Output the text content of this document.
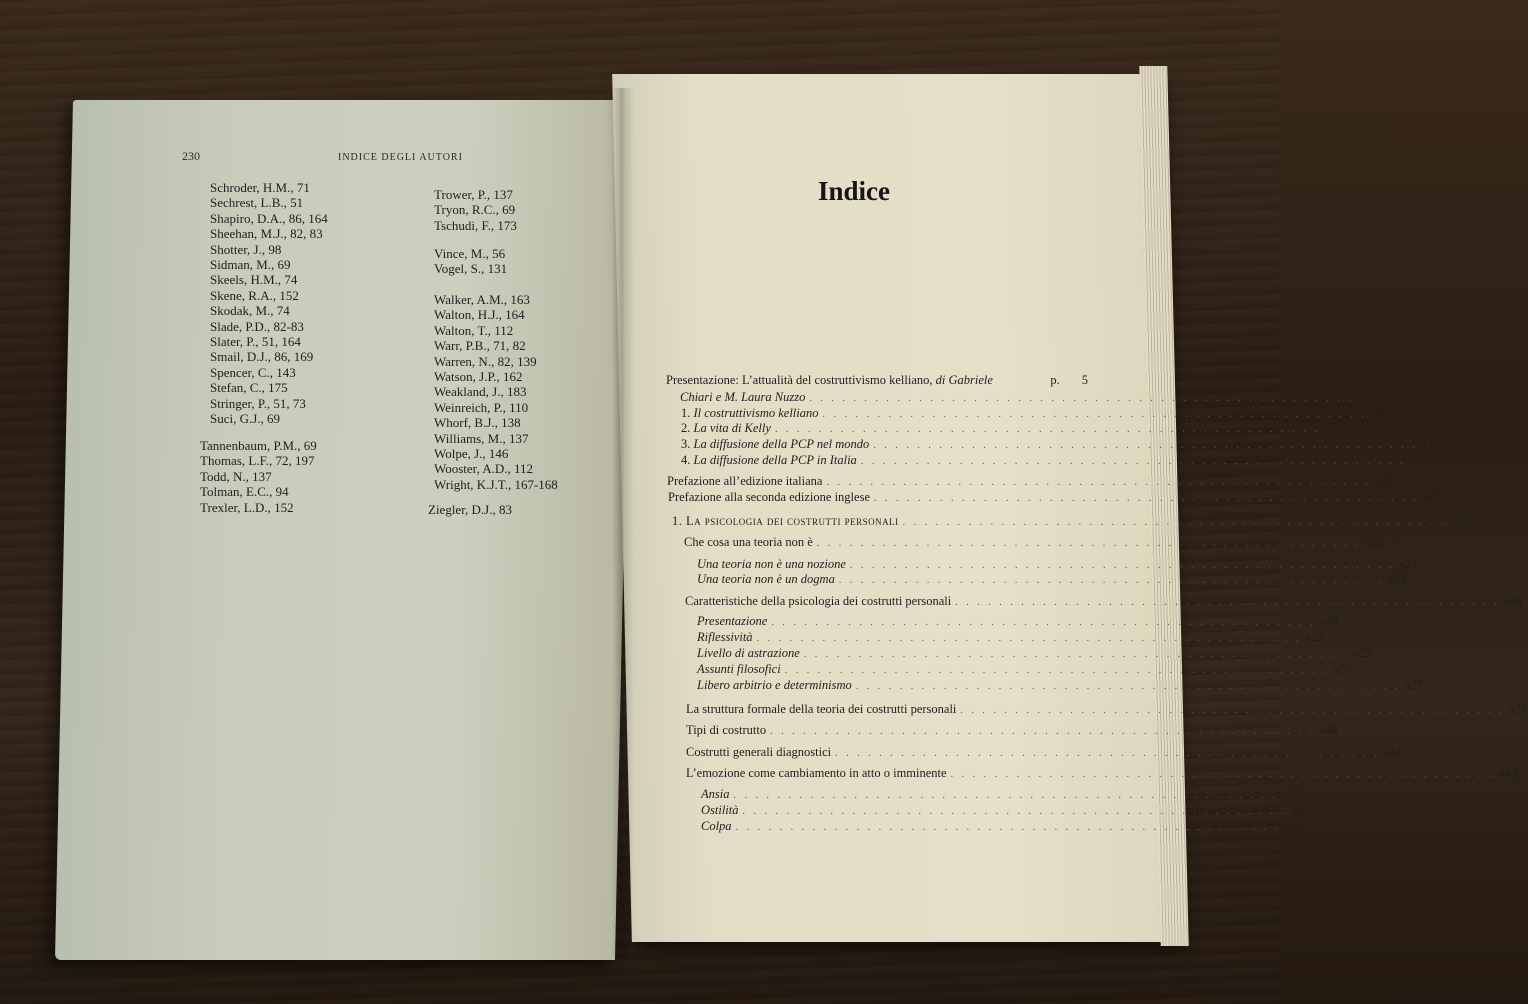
230	INDICE DEGLI AUTORI
Schroder, H.M., 71
Sechrest, L.B., 51
Shapiro, D.A., 86, 164
Sheehan, M.J., 82, 83
Shotter, J., 98
Sidman, M., 69
Skeels, H.M., 74
Skene, R.A., 152
Skodak, M., 74
Slade, P.D., 82-83
Slater, P., 51, 164
Smail, D.J., 86, 169
Spencer, C., 143
Stefan, C., 175
Stringer, P., 51, 73
Suci, G.J., 69
Tannenbaum, P.M., 69
Thomas, L.F., 72, 197
Todd, N., 137
Tolman, E.C., 94
Trexler, L.D., 152
Trower, P., 137
Tryon, R.C., 69
Tschudi, F., 173
Vince, M., 56
Vogel, S., 131
Walker, A.M., 163
Walton, H.J., 164
Walton, T., 112
Warr, P.B., 71, 82
Warren, N., 82, 139
Watson, J.P., 162
Weakland, J., 183
Weinreich, P., 110
Whorf, B.J., 138
Williams, M., 137
Wolpe, J., 146
Wooster, A.D., 112
Wright, K.J.T., 167-168
Ziegler, D.J., 83
Indice
Presentazione: L’attualità del costruttivismo kelliano, di Gabriele	p.	5
Chiari e M. Laura Nuzzo . . . . . . . . . . . . . . . . . . . . . . . . . . . . . . . . . . . . . . . . . . . . . . . . . . » 5
1. Il costruttivismo kelliano . . . . . . . . . . . . . . . . . . . . . . . . . . . . . . . . . . . . . . . . . . . . . . . . . . » 8
2. La vita di Kelly . . . . . . . . . . . . . . . . . . . . . . . . . . . . . . . . . . . . . . . . . . . . . . . . . . » 9
3. La diffusione della PCP nel mondo . . . . . . . . . . . . . . . . . . . . . . . . . . . . . . . . . . . . . . . . . . . . . . . . . . » 10
4. La diffusione della PCP in Italia . . . . . . . . . . . . . . . . . . . . . . . . . . . . . . . . . . . . . . . . . . . . . . . . . . » 13
Prefazione all’edizione italiana . . . . . . . . . . . . . . . . . . . . . . . . . . . . . . . . . . . . . . . . . . . . . . . . . . » 17
Prefazione alla seconda edizione inglese . . . . . . . . . . . . . . . . . . . . . . . . . . . . . . . . . . . . . . . . . . . . . . . . . . » 21
1. La psicologia dei costrutti personali . . . . . . . . . . . . . . . . . . . . . . . . . . . . . . . . . . . . . . . . . . . . . . . . . . » 21
Che cosa una teoria non è . . . . . . . . . . . . . . . . . . . . . . . . . . . . . . . . . . . . . . . . . . . . . . . . . . » 22
Una teoria non è una nozione . . . . . . . . . . . . . . . . . . . . . . . . . . . . . . . . . . . . . . . . . . . . . . . . . . » 22
Una teoria non è un dogma . . . . . . . . . . . . . . . . . . . . . . . . . . . . . . . . . . . . . . . . . . . . . . . . . . » 23
Caratteristiche della psicologia dei costrutti personali . . . . . . . . . . . . . . . . . . . . . . . . . . . . . . . . . . . . . . . . . . . . . . . . . . » 24
Presentazione . . . . . . . . . . . . . . . . . . . . . . . . . . . . . . . . . . . . . . . . . . . . . . . . . . » 24
Riflessività . . . . . . . . . . . . . . . . . . . . . . . . . . . . . . . . . . . . . . . . . . . . . . . . . . » 25
Livello di astrazione . . . . . . . . . . . . . . . . . . . . . . . . . . . . . . . . . . . . . . . . . . . . . . . . . . » 25
Assunti filosofici . . . . . . . . . . . . . . . . . . . . . . . . . . . . . . . . . . . . . . . . . . . . . . . . . . » 26
Libero arbitrio e determinismo . . . . . . . . . . . . . . . . . . . . . . . . . . . . . . . . . . . . . . . . . . . . . . . . . . » 27
La struttura formale della teoria dei costrutti personali . . . . . . . . . . . . . . . . . . . . . . . . . . . . . . . . . . . . . . . . . . . . . . . . . . » 28
Tipi di costrutto . . . . . . . . . . . . . . . . . . . . . . . . . . . . . . . . . . . . . . . . . . . . . . . . . . » 40
Costrutti generali diagnostici . . . . . . . . . . . . . . . . . . . . . . . . . . . . . . . . . . . . . . . . . . . . . . . . . . » 41
L’emozione come cambiamento in atto o imminente . . . . . . . . . . . . . . . . . . . . . . . . . . . . . . . . . . . . . . . . . . . . . . . . . . » 42
Ansia . . . . . . . . . . . . . . . . . . . . . . . . . . . . . . . . . . . . . . . . . . . . . . . . . . » 43
Ostilità . . . . . . . . . . . . . . . . . . . . . . . . . . . . . . . . . . . . . . . . . . . . . . . . . . » 44
Colpa . . . . . . . . . . . . . . . . . . . . . . . . . . . . . . . . . . . . . . . . . . . . . . . . . . » 44
